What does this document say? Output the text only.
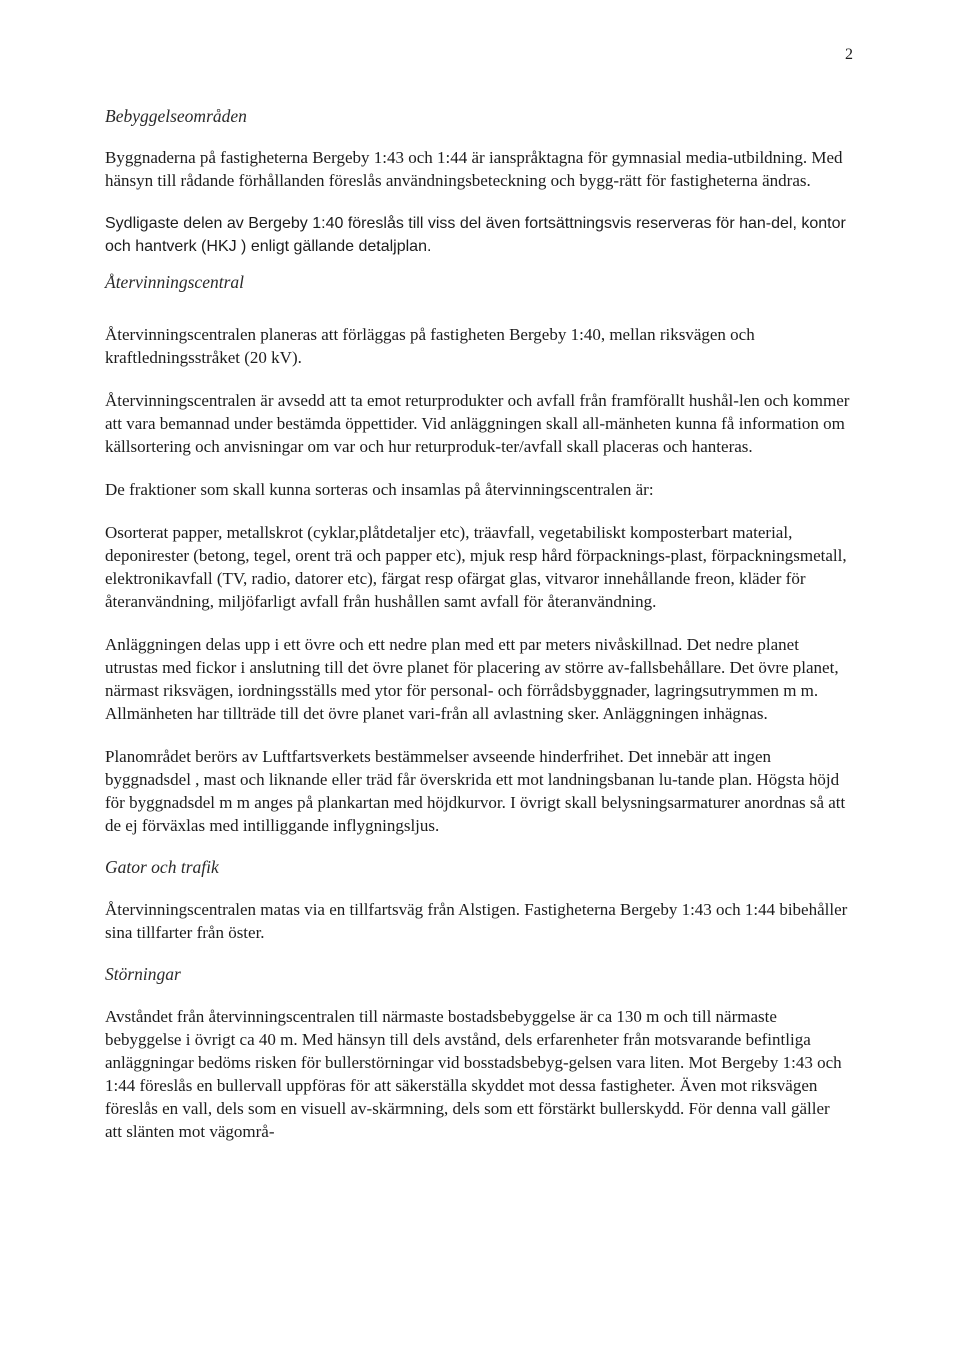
2

Bebyggelseområden

Byggnaderna på fastigheterna Bergeby 1:43 och 1:44 är ianspråktagna för gymnasial media-utbildning. Med hänsyn till rådande förhållanden föreslås användningsbeteckning och bygg-rätt för fastigheterna ändras.

Sydligaste delen av Bergeby 1:40 föreslås till viss del även fortsättningsvis reserveras för han-del, kontor och hantverk (HKJ ) enligt gällande detaljplan.

Återvinningscentral

Återvinningscentralen planeras att förläggas på fastigheten Bergeby 1:40, mellan riksvägen och kraftledningsstråket (20 kV).

Återvinningscentralen är avsedd att ta emot returprodukter och avfall från framförallt hushål-len och kommer att vara bemannad under bestämda öppettider. Vid anläggningen skall all-mänheten kunna få information om källsortering och anvisningar om var och hur returproduk-ter/avfall skall placeras och hanteras.

De fraktioner som skall kunna sorteras och insamlas på återvinningscentralen är:

Osorterat papper, metallskrot (cyklar,plåtdetaljer etc), träavfall, vegetabiliskt komposterbart material, deponirester (betong, tegel, orent trä och papper etc), mjuk resp hård förpacknings-plast, förpackningsmetall, elektronikavfall (TV, radio, datorer etc), färgat resp ofärgat glas, vitvaror innehållande freon, kläder för återanvändning, miljöfarligt avfall från hushållen samt avfall för återanvändning.

Anläggningen delas upp i ett övre och ett nedre plan med ett par meters nivåskillnad. Det nedre planet utrustas med fickor i anslutning till det övre planet för placering av större av-fallsbehållare. Det övre planet, närmast riksvägen, iordningsställs med ytor för personal- och förrådsbyggnader, lagringsutrymmen m m. Allmänheten har tillträde till det övre planet vari-från all avlastning sker. Anläggningen inhägnas.

Planområdet berörs av Luftfartsverkets bestämmelser avseende hinderfrihet. Det innebär att ingen byggnadsdel , mast och liknande eller träd får överskrida ett mot landningsbanan lu-tande plan. Högsta höjd för byggnadsdel m m anges på plankartan med höjdkurvor. I övrigt skall belysningsarmaturer anordnas så att de ej förväxlas med intilliggande inflygningsljus.

Gator och trafik

Återvinningscentralen matas via en tillfartsväg från Alstigen. Fastigheterna Bergeby 1:43 och 1:44 bibehåller sina tillfarter från öster.

Störningar

Avståndet från återvinningscentralen till närmaste bostadsbebyggelse är ca 130 m och till närmaste bebyggelse i övrigt ca 40 m. Med hänsyn till dels avstånd, dels erfarenheter från motsvarande befintliga anläggningar bedöms risken för bullerstörningar vid bosstadsbebyg-gelsen vara liten. Mot Bergeby 1:43 och 1:44 föreslås en bullervall uppföras för att säkerställa skyddet mot dessa fastigheter. Även mot riksvägen föreslås en vall, dels som en visuell av-skärmning, dels som ett förstärkt bullerskydd. För denna vall gäller att slänten mot vägområ-
